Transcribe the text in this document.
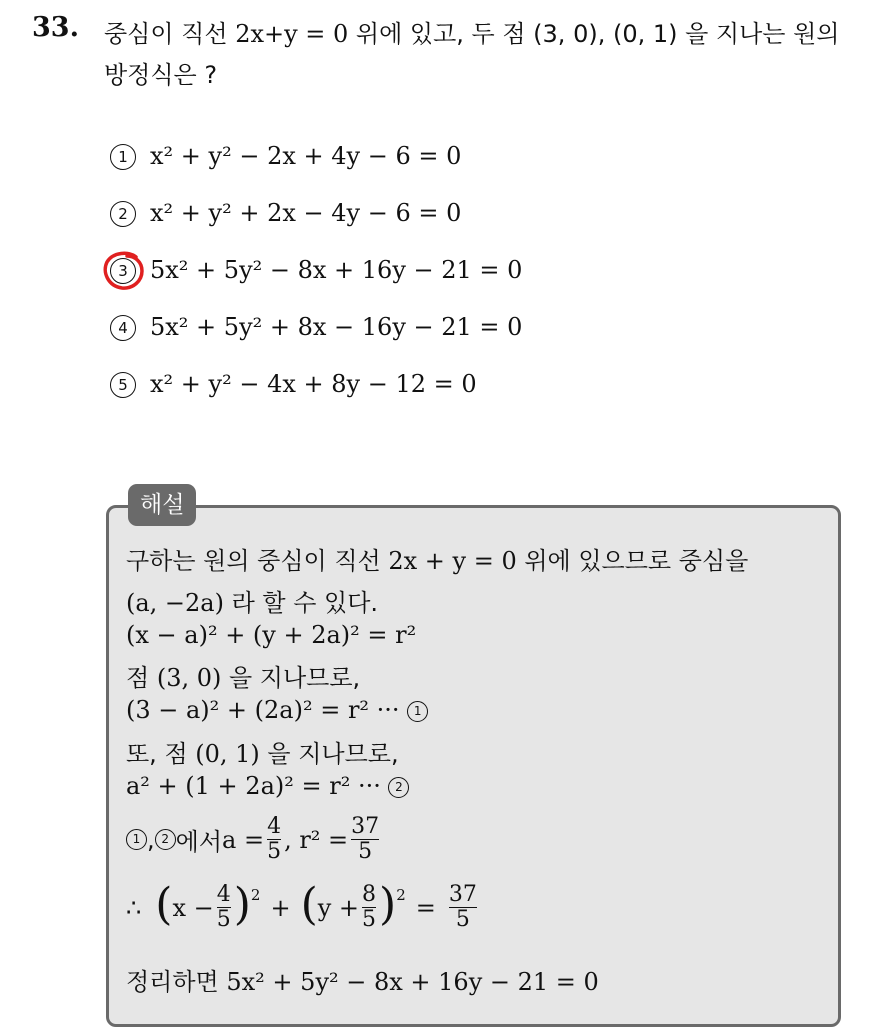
33. 중심이 직선 2x+y = 0 위에 있고, 두 점 (3, 0), (0, 1) 을 지나는 원의
방정식은 ?
1 x² + y² − 2x + 4y − 6 = 0
2 x² + y² + 2x − 4y − 6 = 0
3 5x² + 5y² − 8x + 16y − 21 = 0
4 5x² + 5y² + 8x − 16y − 21 = 0
5 x² + y² − 4x + 8y − 12 = 0
해설
구하는 원의 중심이 직선 2x + y = 0 위에 있으므로 중심을
(a, −2a) 라 할 수 있다.
(x − a)² + (y + 2a)² = r²
점 (3, 0) 을 지나므로,
(3 − a)² + (2a)² = r² ··· 1
또, 점 (0, 1) 을 지나므로,
a² + (1 + 2a)² = r² ··· 2
1 , 2 에서 $a = \frac{4}{5}$ , $r^2 = \frac{37}{5}$
∴ ( $x - \frac{4}{5} )^2$ + ( $y + \frac{8}{5} )^2 = \frac{37}{5}$
정리하면 5x² + 5y² − 8x + 16y − 21 = 0
